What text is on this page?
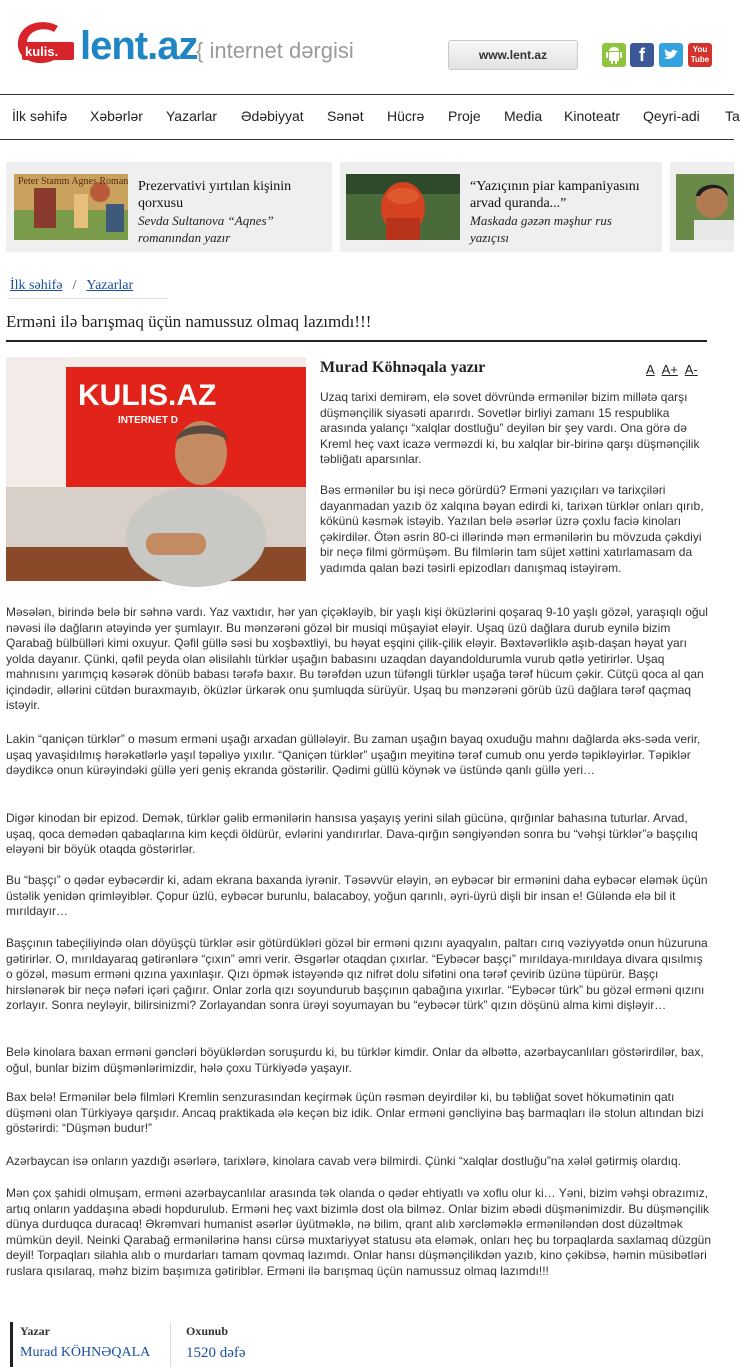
kulis. lent.az
{ internet dərgisi	www.lent.az	f	You Tube
İlk səhifə Xəbərlər Yazarlar Ədəbiyyat Sənət Hücrə Proje Media Kinoteatr Qeyri-adi Ta
Peter Stamm Agnes Roman Prezervativi yırtılan kişinin qorxusu
Sevda Sultanova “Aqnes” romanından yazır
“Yazıçının piar kampaniyasını arvad quranda...”
Maskada gəzən məşhur rus yazıçısı
İlk səhifə / Yazarlar
Erməni ilə barışmaq üçün namussuz olmaq lazımdı!!!
KULIS.AZ
INTERNET D
Murad Köhnəqala yazır	A A+ A-

Uzaq tarixi demirəm, elə sovet dövründə ermənilər bizim millətə qarşı düşmənçilik siyasəti aparırdı. Sovetlər birliyi zamanı 15 respublika arasında yalançı “xalqlar dostluğu” deyilən bir şey vardı. Ona görə də Kreml heç vaxt icazə verməzdi ki, bu xalqlar bir-birinə qarşı düşmənçilik təbliğatı aparsınlar.

Bəs ermənilər bu işi necə görürdü? Erməni yazıçıları və tarixçiləri dayanmadan yazıb öz xalqına bəyan edirdi ki, tarixən türklər onları qırıb, kökünü kəsmək istəyib. Yazılan belə əsərlər üzrə çoxlu faciə kinoları çəkirdilər. Ötən əsrin 80-ci illərində mən ermənilərin bu mövzuda çəkdiyi bir neçə filmi görmüşəm. Bu filmlərin tam süjet xəttini xatırlamasam da yadımda qalan bəzi təsirli epizodları danışmaq istəyirəm.

Məsələn, birində belə bir səhnə vardı. Yaz vaxtıdır, hər yan çiçəkləyib, bir yaşlı kişi öküzlərini qoşaraq 9-10 yaşlı gözəl, yaraşıqlı oğul nəvəsi ilə dağların ətəyində yer şumlayır. Bu mənzərəni gözəl bir musiqi müşayiət eləyir. Uşaq üzü dağlara durub eynilə bizim Qarabağ bülbülləri kimi oxuyur. Qəfil güllə səsi bu xoşbəxtliyi, bu həyat eşqini çilik-çilik eləyir. Bəxtəvərliklə aşıb-daşan həyat yarı yolda dayanır. Çünki, qəfil peyda olan əlisilahlı türklər uşağın babasını uzaqdan dayandoldurumla vurub qətlə yetirirlər. Uşaq mahnısını yarımçıq kəsərək dönüb babası tərəfə baxır. Bu tərəfdən uzun tüfəngli türklər uşağa tərəf hücum çəkir. Cütçü qoca al qan içindədir, əllərini cütdən buraxmayıb, öküzlər ürkərək onu şumluqda sürüyür. Uşaq bu mənzərəni görüb üzü dağlara tərəf qaçmaq istəyir.

Lakin “qaniçən türklər” o məsum erməni uşağı arxadan güllələyir. Bu zaman uşağın bayaq oxuduğu mahnı dağlarda əks-səda verir, uşaq yavaşidılmış hərəkətlərlə yaşıl təpəliyə yıxılır. “Qaniçən türklər” uşağın meyitinə tərəf cumub onu yerdə təpikləyirlər. Təpiklər dəydikcə onun kürəyindəki güllə yeri geniş ekranda göstərilir. Qədimi güllü köynək və üstündə qanlı güllə yeri…

Digər kinodan bir epizod. Demək, türklər gəlib ermənilərin hansısa yaşayış yerini silah gücünə, qırğınlar bahasına tuturlar. Arvad, uşaq, qoca demədən qabaqlarına kim keçdi öldürür, evlərini yandırırlar. Dava-qırğın səngiyəndən sonra bu “vəhşi türklər”ə başçılıq eləyəni bir böyük otaqda göstərirlər.

Bu “başçı” o qədər eybəcərdir ki, adam ekrana baxanda iyrənir. Təsəvvür eləyin, ən eybəcər bir ermənini daha eybəcər eləmək üçün üstəlik yenidən qrimləyiblər. Çopur üzlü, eybəcər burunlu, balacaboy, yoğun qarınlı, əyri-üyrü dişli bir insan e! Güləndə elə bil it mırıldayır…

Başçının tabeçiliyində olan döyüşçü türklər əsir götürdükləri gözəl bir erməni qızını ayaqyalın, paltarı cırıq vəziyyətdə onun hüzuruna gətirirlər. O, mırıldayaraq gətirənlərə “çıxın” əmri verir. Əsgərlər otaqdan çıxırlar. “Eybəcər başçı” mırıldaya-mırıldaya divara qısılmış o gözəl, məsum erməni qızına yaxınlaşır. Qızı öpmək istəyəndə qız nifrət dolu sifətini ona tərəf çevirib üzünə tüpürür. Başçı hirslənərək bir neçə nəfəri içəri çağırır. Onlar zorla qızı soyundurub başçının qabağına yıxırlar. “Eybəcər türk” bu gözəl erməni qızını zorlayır. Sonra neyləyir, bilirsinizmi? Zorlayandan sonra ürəyi soyumayan bu “eybəcər türk” qızın döşünü alma kimi dişləyir…

Belə kinolara baxan erməni gəncləri böyüklərdən soruşurdu ki, bu türklər kimdir. Onlar da əlbəttə, azərbaycanlıları göstərirdilər, bax, oğul, bunlar bizim düşmənlərimizdir, hələ çoxu Türkiyədə yaşayır.

Bax belə! Ermənilər belə filmləri Kremlin senzurasından keçirmək üçün rəsmən deyirdilər ki, bu təbliğat sovet hökumətinin qatı düşməni olan Türkiyəyə qarşıdır. Ancaq praktikada ələ keçən biz idik. Onlar erməni gəncliyinə baş barmaqları ilə stolun altından bizi göstərirdi: “Düşmən budur!”

Azərbaycan isə onların yazdığı əsərlərə, tarixlərə, kinolara cavab verə bilmirdi. Çünki “xalqlar dostluğu”na xələl gətirmiş olardıq.

Mən çox şahidi olmuşam, erməni azərbaycanlılar arasında tək olanda o qədər ehtiyatlı və xoflu olur ki… Yəni, bizim vəhşi obrazımız, artıq onların yaddaşına əbədi hopdurulub. Erməni heç vaxt bizimlə dost ola bilməz. Onlar bizim əbədi düşmənimizdir. Bu düşmənçilik dünya durduqca duracaq! Əkrəmvari humanist əsərlər üyütməklə, nə bilim, qrant alıb xərcləməklə erməniləndən dost düzəltmək mümkün deyil. Neinki Qarabağ ermənilərinə hansı cürsə muxtariyyət statusu əta eləmək, onları heç bu torpaqlarda saxlamaq düzgün deyil! Torpaqları silahla alıb o murdarları tamam qovmaq lazımdı. Onlar hansı düşmənçilikdən yazıb, kino çəkibsə, həmin müsibətləri ruslara qısılaraq, məhz bizim başımıza gətiriblər. Erməni ilə barışmaq üçün namussuz olmaq lazımdı!!!

Yazar
Murad KÖHNƏQALA
Oxunub
1520 dəfə
